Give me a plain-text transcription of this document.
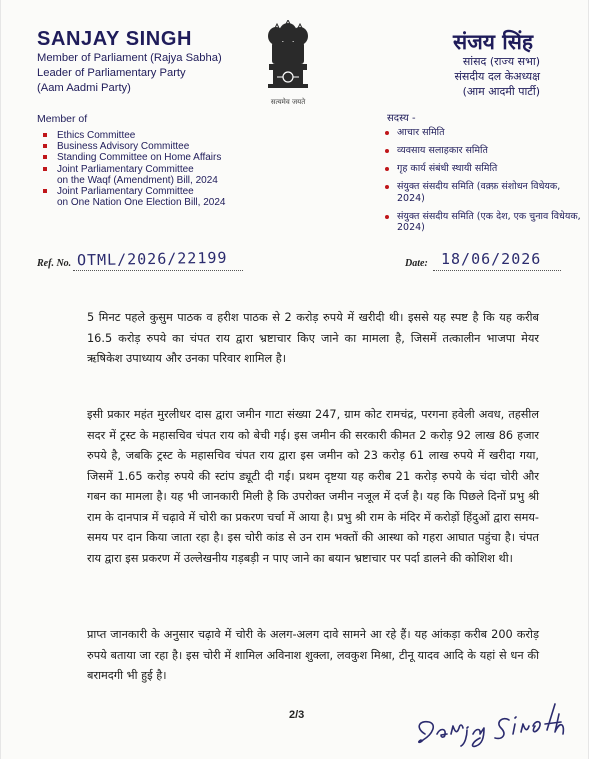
SANJAY SINGH
Member of Parliament (Rajya Sabha)
Leader of Parliamentary Party
(Aam Aadmi Party)
सत्यमेव जयते
संजय सिंह
सांसद (राज्य सभा)
संसदीय दल केअध्यक्ष
(आम आदमी पार्टी)
Member of
Ethics Committee
Business Advisory Committee
Standing Committee on Home Affairs
Joint Parliamentary Committee
on the Waqf (Amendment) Bill, 2024
Joint Parliamentary Committee
on One Nation One Election Bill, 2024
सदस्य -
आचार समिति
व्यवसाय सलाहकार समिति
गृह कार्य संबंधी स्थायी समिति
संयुक्त संसदीय समिति (वक़्फ़ संशोधन विधेयक, 2024)
संयुक्त संसदीय समिति (एक देश, एक चुनाव विधेयक, 2024)
Ref. No. OTML/2026/22199	Date: 18/06/2026

5 मिनट पहले कुसुम पाठक व हरीश पाठक से 2 करोड़ रुपये में खरीदी थी। इससे यह स्पष्ट है कि यह करीब 16.5 करोड़ रुपये का चंपत राय द्वारा भ्रष्टाचार किए जाने का मामला है, जिसमें तत्कालीन भाजपा मेयर ऋषिकेश उपाध्याय और उनका परिवार शामिल है।

इसी प्रकार महंत मुरलीधर दास द्वारा जमीन गाटा संख्या 247, ग्राम कोट रामचंद्र, परगना हवेली अवध, तहसील सदर में ट्रस्ट के महासचिव चंपत राय को बेची गई। इस जमीन की सरकारी कीमत 2 करोड़ 92 लाख 86 हजार रुपये है, जबकि ट्रस्ट के महासचिव चंपत राय द्वारा इस जमीन को 23 करोड़ 61 लाख रुपये में खरीदा गया, जिसमें 1.65 करोड़ रुपये की स्टांप ड्यूटी दी गई। प्रथम दृष्टया यह करीब 21 करोड़ रुपये के चंदा चोरी और गबन का मामला है। यह भी जानकारी मिली है कि उपरोक्त जमीन नजूल में दर्ज है। यह कि पिछले दिनों प्रभु श्री राम के दानपात्र में चढ़ावे में चोरी का प्रकरण चर्चा में आया है। प्रभु श्री राम के मंदिर में करोड़ों हिंदुओं द्वारा समय-समय पर दान किया जाता रहा है। इस चोरी कांड से उन राम भक्तों की आस्था को गहरा आघात पहुंचा है। चंपत राय द्वारा इस प्रकरण में उल्लेखनीय गड़बड़ी न पाए जाने का बयान भ्रष्टाचार पर पर्दा डालने की कोशिश थी।

प्राप्त जानकारी के अनुसार चढ़ावे में चोरी के अलग-अलग दावे सामने आ रहे हैं। यह आंकड़ा करीब 200 करोड़ रुपये बताया जा रहा है। इस चोरी में शामिल अविनाश शुक्ला, लवकुश मिश्रा, टीनू यादव आदि के यहां से धन की बरामदगी भी हुई है।

2/3
